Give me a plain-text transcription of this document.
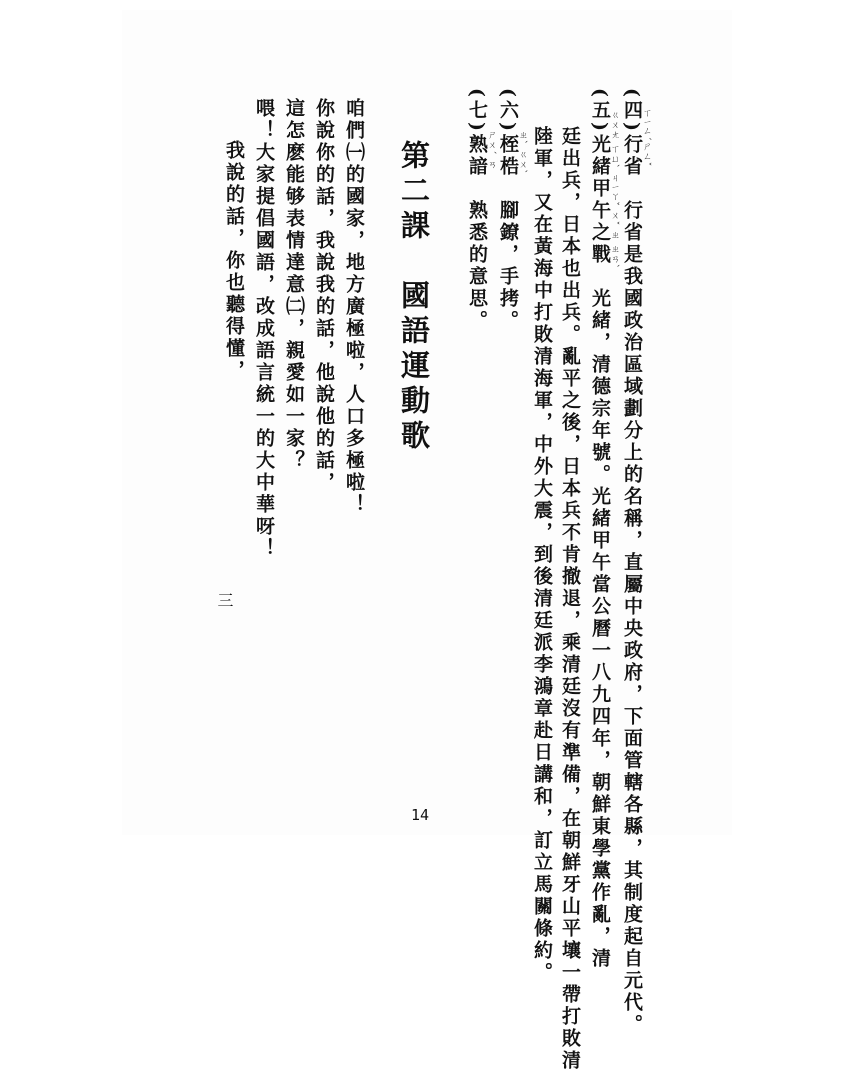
(四)行省　行省是我國政治區域劃分上的名稱，直屬中央政府，下面管轄各縣，其制度起自元代。
ㄒㄧㄥˊㄕㄥˇ
(五)光緒甲午之戰　光緒，清德宗年號。光緒甲午當公曆一八九四年，朝鮮東學黨作亂，清
ㄍㄨㄤ ㄒㄩˋ ㄐㄧㄚˇ ㄨˇ ㄓ ㄓㄢˋ
廷出兵，日本也出兵。亂平之後，日本兵不肯撤退，乘清廷沒有準備，在朝鮮牙山平壤一帶打敗清
陸軍，又在黃海中打敗清海軍，中外大震，到後清廷派李鴻章赴日講和，訂立馬關條約。
(六)桎梏　腳鐐，手拷。
ㄓˋ ㄍㄨˋ
(七)熟諳　熟悉的意思。
ㄕㄨˊ ㄢ
第二課　國語運動歌
咱們㈠的國家，地方廣極啦，人口多極啦！
你說你的話，我說我的話，他說他的話，
這怎麽能够表情達意㈡，親愛如一家？
喂！大家提倡國語，改成語言統一的大中華呀！
我說的話，你也聽得懂，
三
14
